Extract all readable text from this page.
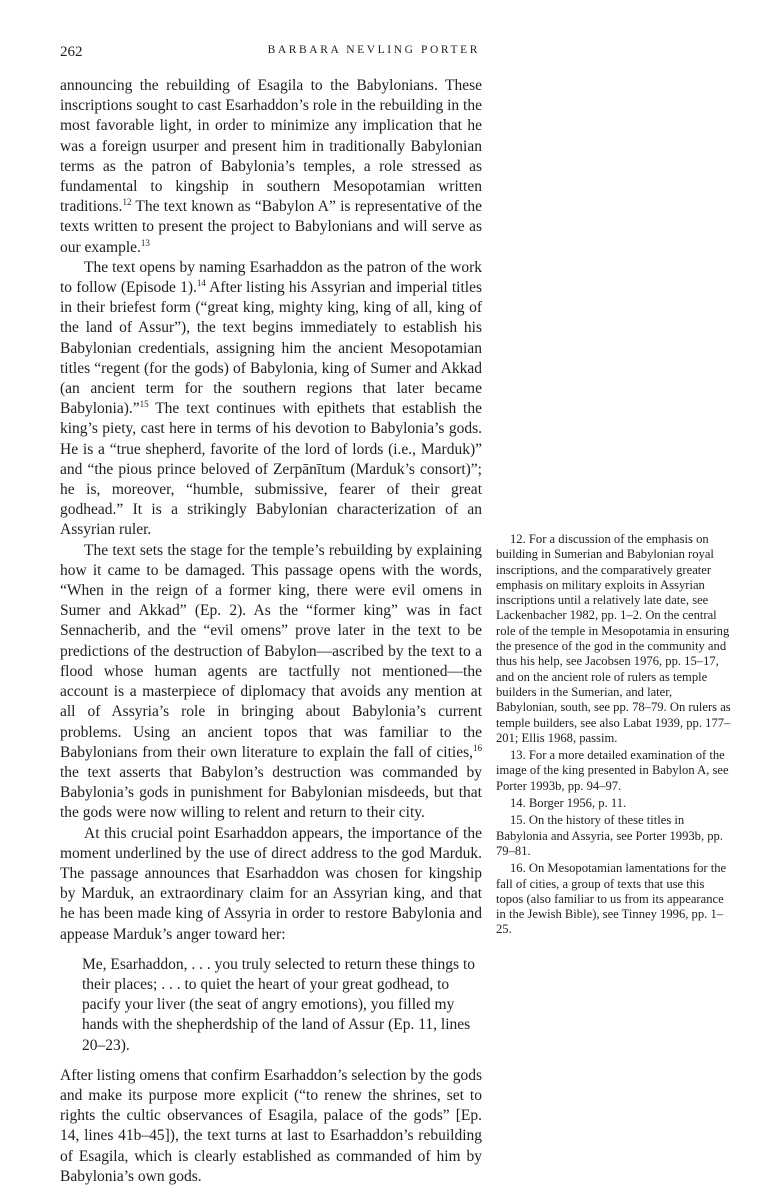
262	BARBARA NEVLING PORTER

announcing the rebuilding of Esagila to the Babylonians. These inscriptions sought to cast Esarhaddon’s role in the rebuilding in the most favorable light, in order to minimize any implication that he was a foreign usurper and present him in traditionally Babylonian terms as the patron of Babylonia’s temples, a role stressed as fundamental to kingship in southern Mesopotamian written traditions.$^{12}$ The text known as “Babylon A” is representative of the texts written to present the project to Babylonians and will serve as our example.$^{13}$

The text opens by naming Esarhaddon as the patron of the work to follow (Episode 1).$^{14}$ After listing his Assyrian and imperial titles in their briefest form (“great king, mighty king, king of all, king of the land of Assur”), the text begins immediately to establish his Babylonian credentials, assigning him the ancient Mesopotamian titles “regent (for the gods) of Babylonia, king of Sumer and Akkad (an ancient term for the southern regions that later became Babylonia).”$^{15}$ The text continues with epithets that establish the king’s piety, cast here in terms of his devotion to Babylonia’s gods. He is a “true shepherd, favorite of the lord of lords (i.e., Marduk)” and “the pious prince beloved of Zerpānītum (Marduk’s consort)”; he is, moreover, “humble, submissive, fearer of their great godhead.” It is a strikingly Babylonian characterization of an Assyrian ruler.

The text sets the stage for the temple’s rebuilding by explaining how it came to be damaged. This passage opens with the words, “When in the reign of a former king, there were evil omens in Sumer and Akkad” (Ep. 2). As the “former king” was in fact Sennacherib, and the “evil omens” prove later in the text to be predictions of the destruction of Babylon—ascribed by the text to a flood whose human agents are tactfully not mentioned—the account is a masterpiece of diplomacy that avoids any mention at all of Assyria’s role in bringing about Babylonia’s current problems. Using an ancient topos that was familiar to the Babylonians from their own literature to explain the fall of cities,$^{16}$ the text asserts that Babylon’s destruction was commanded by Babylonia’s gods in punishment for Babylonian misdeeds, but that the gods were now willing to relent and return to their city.

At this crucial point Esarhaddon appears, the importance of the moment underlined by the use of direct address to the god Marduk. The passage announces that Esarhaddon was chosen for kingship by Marduk, an extraordinary claim for an Assyrian king, and that he has been made king of Assyria in order to restore Babylonia and appease Marduk’s anger toward her:

Me, Esarhaddon, . . . you truly selected to return these things to their places; . . . to quiet the heart of your great godhead, to pacify your liver (the seat of angry emotions), you filled my hands with the shepherdship of the land of Assur (Ep. 11, lines 20–23).

After listing omens that confirm Esarhaddon’s selection by the gods and make its purpose more explicit (“to renew the shrines, set to rights the cultic observances of Esagila, palace of the gods” [Ep. 14, lines 41b–45]), the text turns at last to Esarhaddon’s rebuilding of Esagila, which is clearly established as commanded of him by Babylonia’s own gods.

12. For a discussion of the emphasis on building in Sumerian and Babylonian royal inscriptions, and the comparatively greater emphasis on military exploits in Assyrian inscriptions until a relatively late date, see Lackenbacher 1982, pp. 1–2. On the central role of the temple in Mesopotamia in ensuring the presence of the god in the community and thus his help, see Jacobsen 1976, pp. 15–17, and on the ancient role of rulers as temple builders in the Sumerian, and later, Babylonian, south, see pp. 78–79. On rulers as temple builders, see also Labat 1939, pp. 177–201; Ellis 1968, passim.

13. For a more detailed examination of the image of the king presented in Babylon A, see Porter 1993b, pp. 94–97.

14. Borger 1956, p. 11.

15. On the history of these titles in Babylonia and Assyria, see Porter 1993b, pp. 79–81.

16. On Mesopotamian lamentations for the fall of cities, a group of texts that use this topos (also familiar to us from its appearance in the Jewish Bible), see Tinney 1996, pp. 1–25.
